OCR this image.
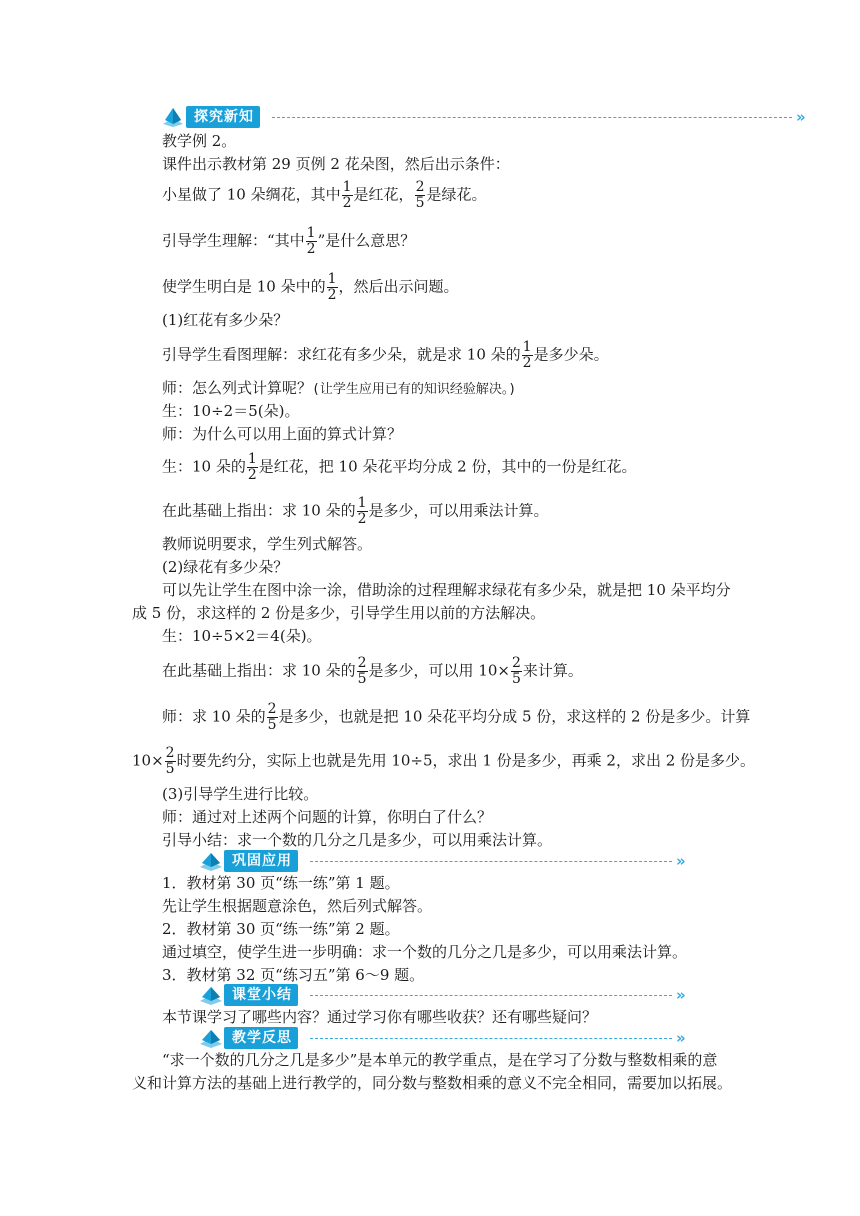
探究新知	»
教学例 2。
课件出示教材第 29 页例 2 花朵图，然后出示条件：
小星做了 10 朵绸花，其中 $\frac{1}{2}$ 是红花， $\frac{2}{5}$ 是绿花。
引导学生理解：“其中 $\frac{1}{2}$ ”是什么意思？
使学生明白是 10 朵中的 $\frac{1}{2}$ ，然后出示问题。
(1)红花有多少朵？
引导学生看图理解：求红花有多少朵，就是求 10 朵的 $\frac{1}{2}$ 是多少朵。
师：怎么列式计算呢？(让学生应用已有的知识经验解决。)
生：10÷2＝5(朵)。
师：为什么可以用上面的算式计算？
生：10 朵的 $\frac{1}{2}$ 是红花，把 10 朵花平均分成 2 份，其中的一份是红花。
在此基础上指出：求 10 朵的 $\frac{1}{2}$ 是多少，可以用乘法计算。
教师说明要求，学生列式解答。
(2)绿花有多少朵？
可以先让学生在图中涂一涂，借助涂的过程理解求绿花有多少朵，就是把 10 朵平均分
成 5 份，求这样的 2 份是多少，引导学生用以前的方法解决。
生：10÷5×2＝4(朵)。
在此基础上指出：求 10 朵的 $\frac{2}{5}$ 是多少，可以用 $10\times \frac{2}{5}$ 来计算。
师：求 10 朵的 $\frac{2}{5}$ 是多少，也就是把 10 朵花平均分成 5 份，求这样的 2 份是多少。计算
$10\times \frac{2}{5}$ 时要先约分，实际上也就是先用 10÷5，求出 1 份是多少，再乘 2，求出 2 份是多少。
(3)引导学生进行比较。
师：通过对上述两个问题的计算，你明白了什么？
引导小结：求一个数的几分之几是多少，可以用乘法计算。
巩固应用	»
1．教材第 30 页“练一练”第 1 题。
先让学生根据题意涂色，然后列式解答。
2．教材第 30 页“练一练”第 2 题。
通过填空，使学生进一步明确：求一个数的几分之几是多少，可以用乘法计算。
3．教材第 32 页“练习五”第 6～9 题。
课堂小结	»
本节课学习了哪些内容？通过学习你有哪些收获？还有哪些疑问？
教学反思	»
“求一个数的几分之几是多少”是本单元的教学重点，是在学习了分数与整数相乘的意
义和计算方法的基础上进行教学的，同分数与整数相乘的意义不完全相同，需要加以拓展。
